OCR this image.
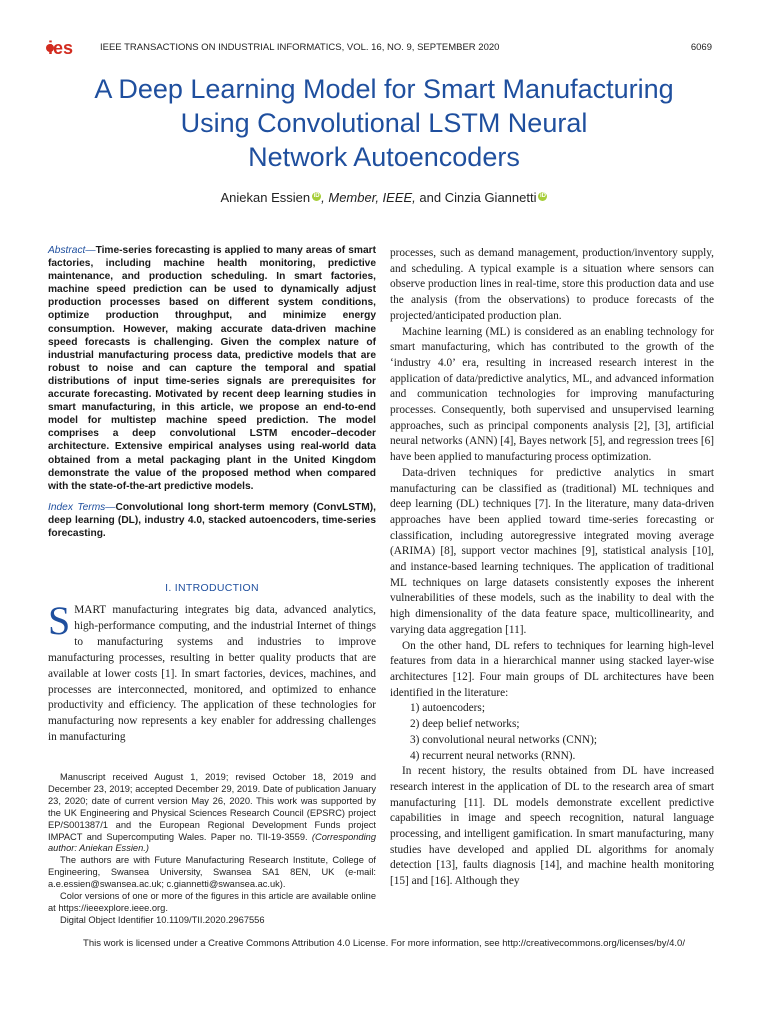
ies	IEEE TRANSACTIONS ON INDUSTRIAL INFORMATICS, VOL. 16, NO. 9, SEPTEMBER 2020	6069
A Deep Learning Model for Smart Manufacturing
Using Convolutional LSTM Neural
Network Autoencoders
Aniekan Essien iD , Member, IEEE, and Cinzia Giannetti iD

Abstract—Time-series forecasting is applied to many areas of smart factories, including machine health monitoring, predictive maintenance, and production scheduling. In smart factories, machine speed prediction can be used to dynamically adjust production processes based on different system conditions, optimize production throughput, and minimize energy consumption. However, making accurate data-driven machine speed forecasts is challenging. Given the complex nature of industrial manufacturing process data, predictive models that are robust to noise and can capture the temporal and spatial distributions of input time-series signals are prerequisites for accurate forecasting. Motivated by recent deep learning studies in smart manufacturing, in this article, we propose an end-to-end model for multistep machine speed prediction. The model comprises a deep convolutional LSTM encoder–decoder architecture. Extensive empirical analyses using real-world data obtained from a metal packaging plant in the United Kingdom demonstrate the value of the proposed method when compared with the state-of-the-art predictive models.

Index Terms—Convolutional long short-term memory (ConvLSTM), deep learning (DL), industry 4.0, stacked autoencoders, time-series forecasting.

I. INTRODUCTION

SMART manufacturing integrates big data, advanced analytics, high-performance computing, and the industrial Internet of things to manufacturing systems and industries to improve manufacturing processes, resulting in better quality products that are available at lower costs [1]. In smart factories, devices, machines, and processes are interconnected, monitored, and optimized to enhance productivity and efficiency. The application of these technologies for manufacturing now represents a key enabler for addressing challenges in manufacturing

Manuscript received August 1, 2019; revised October 18, 2019 and December 23, 2019; accepted December 29, 2019. Date of publication January 23, 2020; date of current version May 26, 2020. This work was supported by the UK Engineering and Physical Sciences Research Council (EPSRC) project EP/S001387/1 and the European Regional Development Funds project IMPACT and Supercomputing Wales. Paper no. TII-19-3559. (Corresponding author: Aniekan Essien.)

The authors are with Future Manufacturing Research Institute, College of Engineering, Swansea University, Swansea SA1 8EN, UK (e-mail: a.e.essien@swansea.ac.uk; c.giannetti@swansea.ac.uk).

Color versions of one or more of the figures in this article are available online at https://ieeexplore.ieee.org.

Digital Object Identifier 10.1109/TII.2020.2967556

processes, such as demand management, production/inventory supply, and scheduling. A typical example is a situation where sensors can observe production lines in real-time, store this production data and use the analysis (from the observations) to produce forecasts of the projected/anticipated production plan.

Machine learning (ML) is considered as an enabling technology for smart manufacturing, which has contributed to the growth of the ‘industry 4.0’ era, resulting in increased research interest in the application of data/predictive analytics, ML, and advanced information and communication technologies for improving manufacturing processes. Consequently, both supervised and unsupervised learning approaches, such as principal components analysis [2], [3], artificial neural networks (ANN) [4], Bayes network [5], and regression trees [6] have been applied to manufacturing process optimization.

Data-driven techniques for predictive analytics in smart manufacturing can be classified as (traditional) ML techniques and deep learning (DL) techniques [7]. In the literature, many data-driven approaches have been applied toward time-series forecasting or classification, including autoregressive integrated moving average (ARIMA) [8], support vector machines [9], statistical analysis [10], and instance-based learning techniques. The application of traditional ML techniques on large datasets consistently exposes the inherent vulnerabilities of these models, such as the inability to deal with the high dimensionality of the data feature space, multicollinearity, and varying data aggregation [11].

On the other hand, DL refers to techniques for learning high-level features from data in a hierarchical manner using stacked layer-wise architectures [12]. Four main groups of DL architectures have been identified in the literature:

1) autoencoders;
2) deep belief networks;
3) convolutional neural networks (CNN);
4) recurrent neural networks (RNN).

In recent history, the results obtained from DL have increased research interest in the application of DL to the research area of smart manufacturing [11]. DL models demonstrate excellent predictive capabilities in image and speech recognition, natural language processing, and intelligent gamification. In smart manufacturing, many studies have developed and applied DL algorithms for anomaly detection [13], faults diagnosis [14], and machine health monitoring [15] and [16]. Although they

This work is licensed under a Creative Commons Attribution 4.0 License. For more information, see http://creativecommons.org/licenses/by/4.0/
